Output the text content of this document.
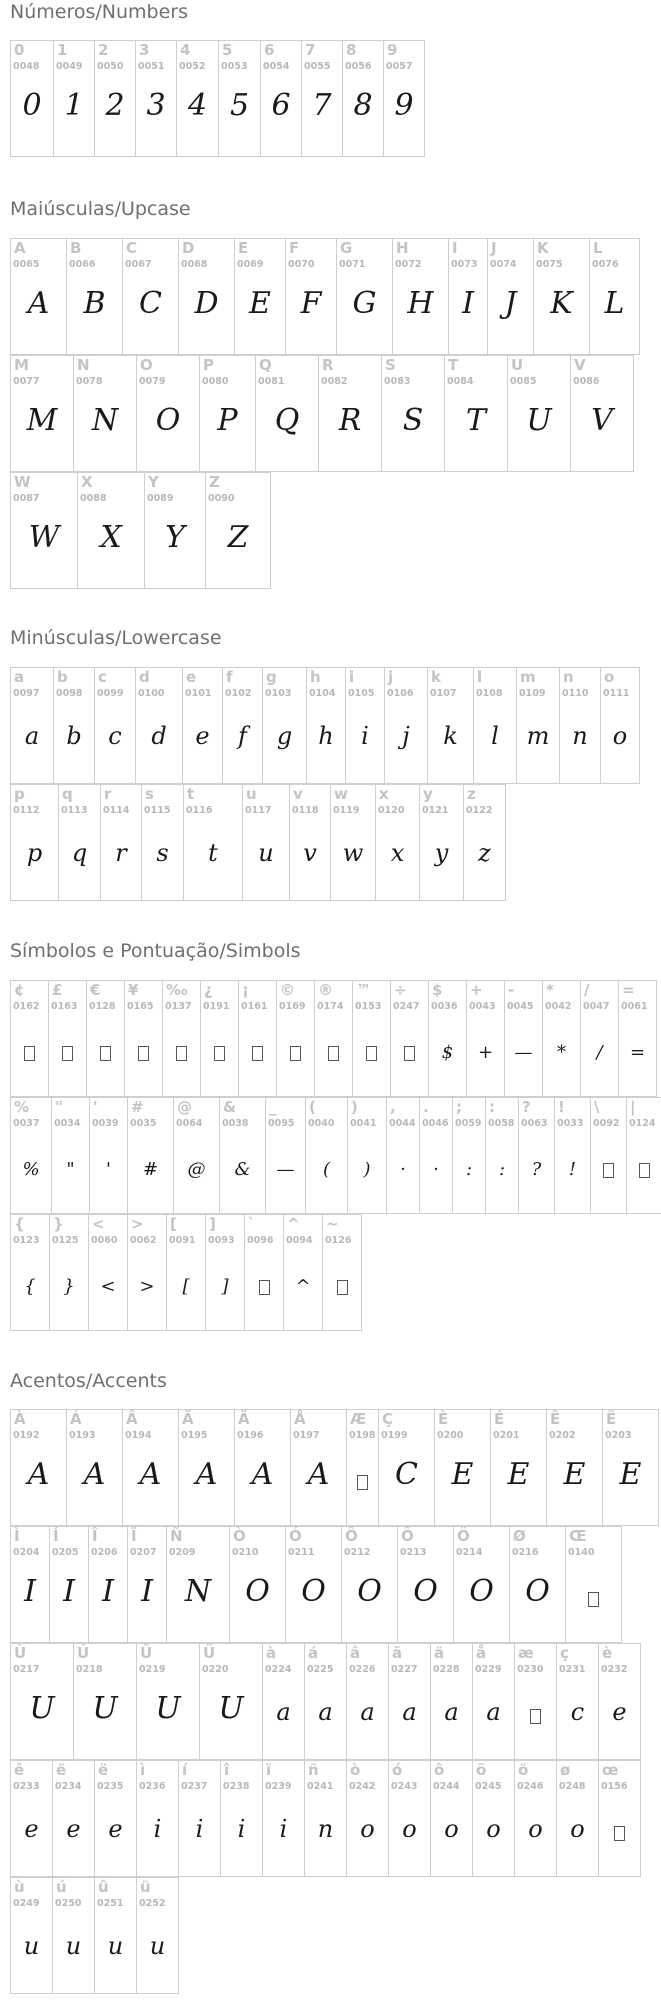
Números/Numbers
0
0048
0
1
0049
1
2
0050
2
3
0051
3
4
0052
4
5
0053
5
6
0054
6
7
0055
7
8
0056
8
9
0057
9
Maiúsculas/Upcase
A
0065
A
B
0066
B
C
0067
C
D
0068
D
E
0069
E
F
0070
F
G
0071
G
H
0072
H
I
0073
I
J
0074
J
K
0075
K
L
0076
L
M
0077
M
N
0078
N
O
0079
O
P
0080
P
Q
0081
Q
R
0082
R
S
0083
S
T
0084
T
U
0085
U
V
0086
V
W
0087
W
X
0088
X
Y
0089
Y
Z
0090
Z
Minúsculas/Lowercase
a
0097
a
b
0098
b
c
0099
c
d
0100
d
e
0101
e
f
0102
f
g
0103
g
h
0104
h
i
0105
i
j
0106
j
k
0107
k
l
0108
l
m
0109
m
n
0110
n
o
0111
o
p
0112
p
q
0113
q
r
0114
r
s
0115
s
t
0116
t
u
0117
u
v
0118
v
w
0119
w
x
0120
x
y
0121
y
z
0122
z
Símbolos e Pontuação/Simbols
¢
0162
£
0163
€
0128
¥
0165
‰
0137
¿
0191
¡
0161
©
0169
®
0174
™
0153
÷
0247
$
0036
$
+
0043
+
-
0045
—
*
0042
*
/
0047
/
=
0061
=
%
0037
%
"
0034
"
'
0039
'
#
0035
#
@
0064
@
&
0038
&
_
0095
—
(
0040
(
)
0041
)
,
0044
·
.
0046
·
;
0059
:
:
0058
:
?
0063
?
!
0033
!
\
0092
|
0124
{
0123
{
}
0125
}
<
0060
<
>
0062
>
[
0091
[
]
0093
]
`
0096
^
0094
^
~
0126
Acentos/Accents
À
0192
A
Á
0193
A
Â
0194
A
Ã
0195
A
Ä
0196
A
Å
0197
A
Æ
0198
Ç
0199
C
È
0200
E
É
0201
E
Ê
0202
E
Ë
0203
E
Ì
0204
I
Í
0205
I
Î
0206
I
Ï
0207
I
Ñ
0209
N
Ò
0210
O
Ó
0211
O
Ô
0212
O
Õ
0213
O
Ö
0214
O
Ø
0216
O
Œ
0140
Ù
0217
U
Ú
0218
U
Û
0219
U
Ü
0220
U
à
0224
a
á
0225
a
â
0226
a
ã
0227
a
ä
0228
a
å
0229
a
æ
0230
ç
0231
c
è
0232
e
ê
0233
e
ë
0234
e
ë
0235
e
ì
0236
i
í
0237
i
î
0238
i
ï
0239
i
ñ
0241
n
ò
0242
o
ó
0243
o
ô
0244
o
õ
0245
o
ö
0246
o
ø
0248
o
œ
0156
ù
0249
u
ú
0250
u
û
0251
u
ü
0252
u
